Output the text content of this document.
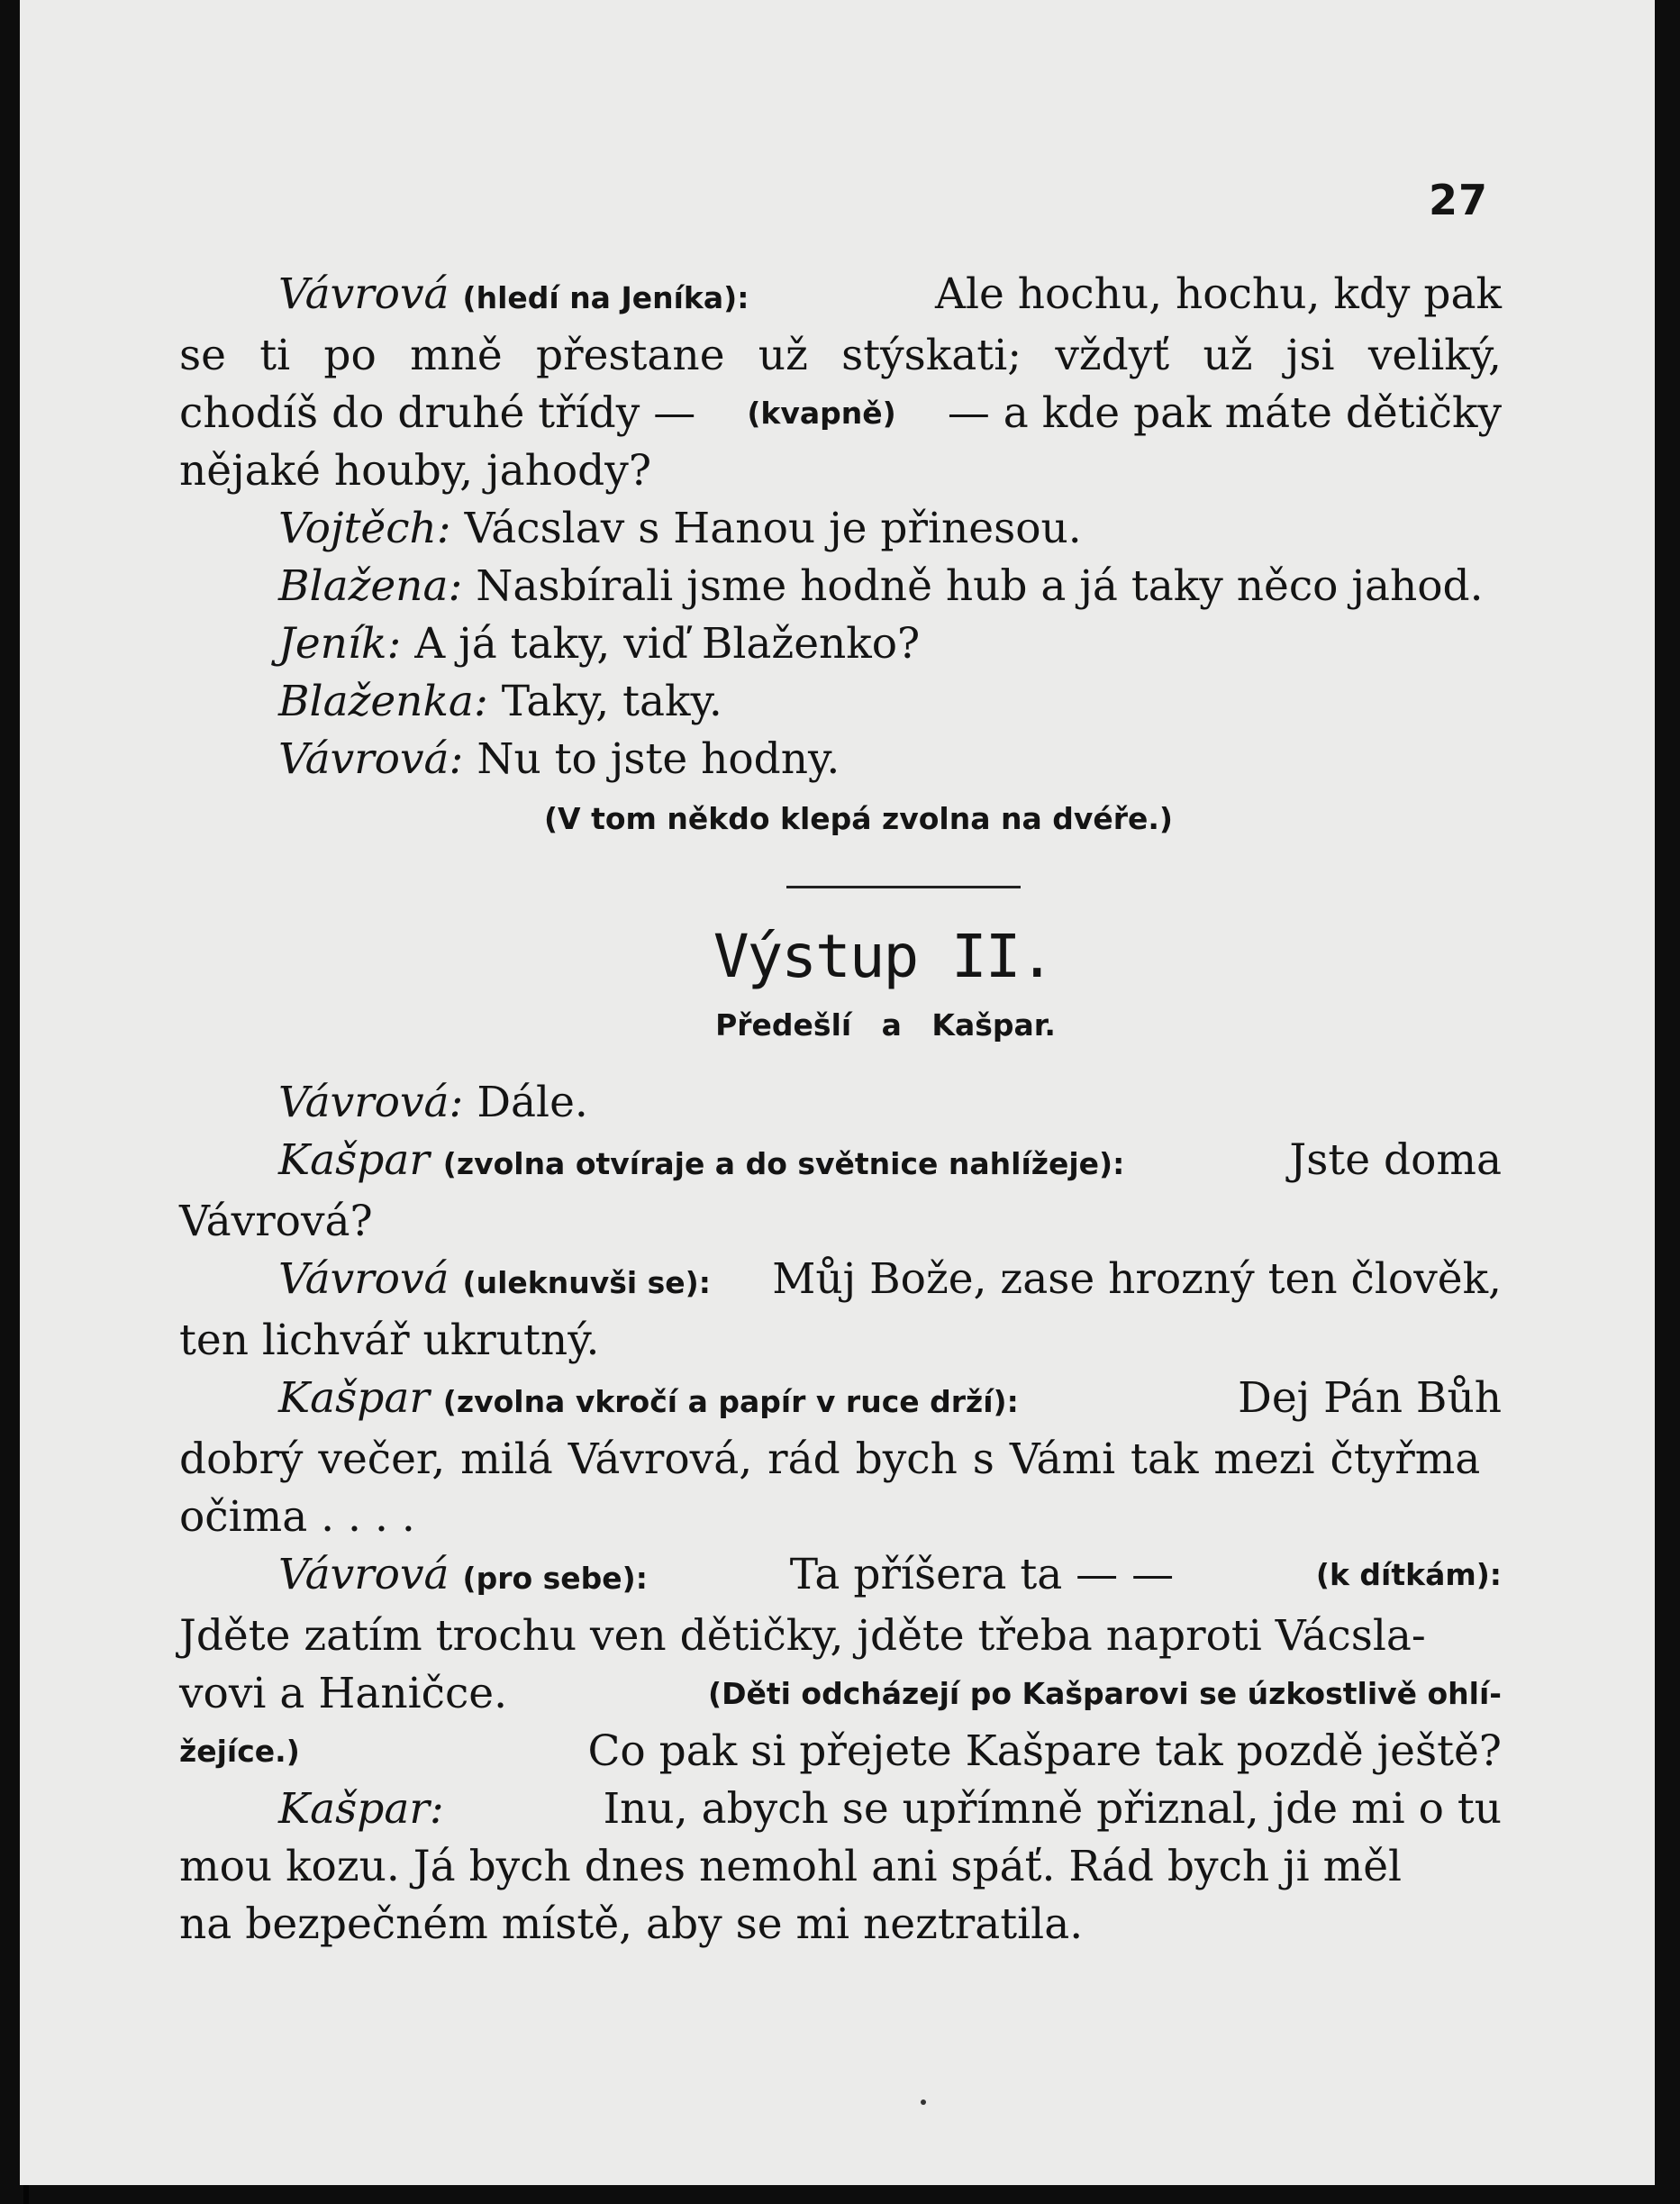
27
Vávrová (hledí na Jeníka):	Ale hochu, hochu, kdy pak
se ti po mně přestane už stýskati; vždyť už jsi veliký,
chodíš do druhé třídy — (kvapně) — a kde pak máte dětičky
nějaké houby, jahody?
Vojtěch: Vácslav s Hanou je přinesou.
Blažena: Nasbírali jsme hodně hub a já taky něco jahod.
Jeník: A já taky, viď Blaženko?
Blaženka: Taky, taky.
Vávrová: Nu to jste hodny.
(V tom někdo klepá zvolna na dvéře.)
Výstup II.
Předešlí a Kašpar.
Vávrová: Dále.
Kašpar (zvolna otvíraje a do světnice nahlížeje):	Jste doma
Vávrová?
Vávrová (uleknuvši se): Můj Bože, zase hrozný ten člověk,
ten lichvář ukrutný.
Kašpar (zvolna vkročí a papír v ruce drží):	Dej Pán Bůh
dobrý večer, milá Vávrová, rád bych s Vámi tak mezi čtyřma
očima . . . .
Vávrová (pro sebe):	Ta příšera ta — —	(k dítkám):
Jděte zatím trochu ven dětičky, jděte třeba naproti Vácsla-
vovi a Haničce.	(Děti odcházejí po Kašparovi se úzkostlivě ohlí-
žejíce.)	Co pak si přejete Kašpare tak pozdě ještě?
Kašpar:	Inu, abych se upřímně přiznal, jde mi o tu
mou kozu. Já bych dnes nemohl ani spáť. Rád bych ji měl
na bezpečném místě, aby se mi neztratila.
